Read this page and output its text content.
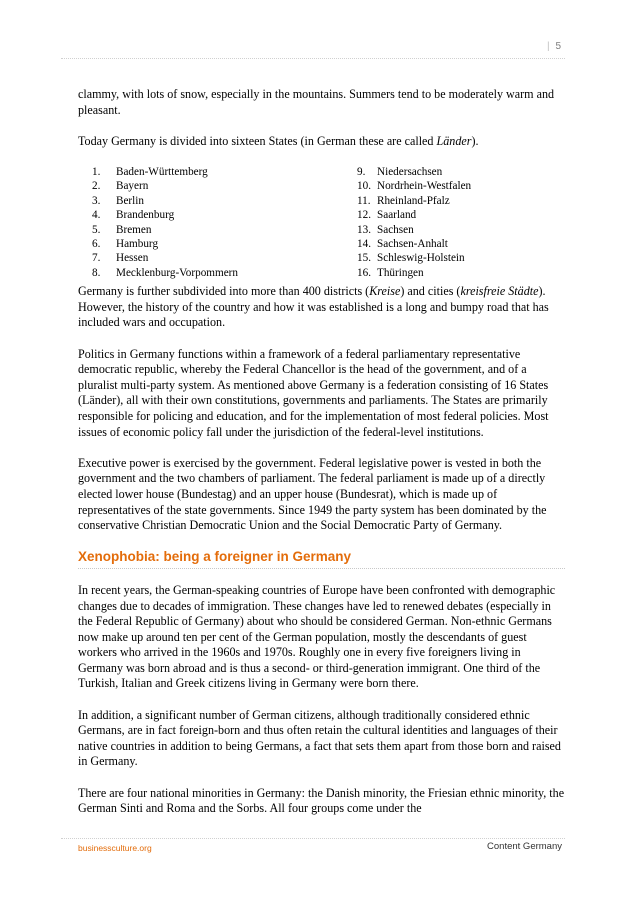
| 5

clammy, with lots of snow, especially in the mountains. Summers tend to be moderately warm and pleasant.

Today Germany is divided into sixteen States (in German these are called Länder).

1.	Baden-Württemberg
2.	Bayern
3.	Berlin
4.	Brandenburg
5.	Bremen
6.	Hamburg
7.	Hessen
8.	Mecklenburg-Vorpommern
9.	Niedersachsen
10. Nordrhein-Westfalen
11. Rheinland-Pfalz
12. Saarland
13. Sachsen
14. Sachsen-Anhalt
15. Schleswig-Holstein
16. Thüringen

Germany is further subdivided into more than 400 districts (Kreise) and cities (kreisfreie Städte). However, the history of the country and how it was established is a long and bumpy road that has included wars and occupation.

Politics in Germany functions within a framework of a federal parliamentary representative democratic republic, whereby the Federal Chancellor is the head of the government, and of a pluralist multi-party system. As mentioned above Germany is a federation consisting of 16 States (Länder), all with their own constitutions, governments and parliaments. The States are primarily responsible for policing and education, and for the implementation of most federal policies. Most issues of economic policy fall under the jurisdiction of the federal-level institutions.

Executive power is exercised by the government. Federal legislative power is vested in both the government and the two chambers of parliament. The federal parliament is made up of a directly elected lower house (Bundestag) and an upper house (Bundesrat), which is made up of representatives of the state governments. Since 1949 the party system has been dominated by the conservative Christian Democratic Union and the Social Democratic Party of Germany.

Xenophobia: being a foreigner in Germany

In recent years, the German-speaking countries of Europe have been confronted with demographic changes due to decades of immigration. These changes have led to renewed debates (especially in the Federal Republic of Germany) about who should be considered German. Non-ethnic Germans now make up around ten per cent of the German population, mostly the descendants of guest workers who arrived in the 1960s and 1970s. Roughly one in every five foreigners living in Germany was born abroad and is thus a second- or third-generation immigrant. One third of the Turkish, Italian and Greek citizens living in Germany were born there.

In addition, a significant number of German citizens, although traditionally considered ethnic Germans, are in fact foreign-born and thus often retain the cultural identities and languages of their native countries in addition to being Germans, a fact that sets them apart from those born and raised in Germany.

There are four national minorities in Germany: the Danish minority, the Friesian ethnic minority, the German Sinti and Roma and the Sorbs. All four groups come under the

businessculture.org	Content Germany
